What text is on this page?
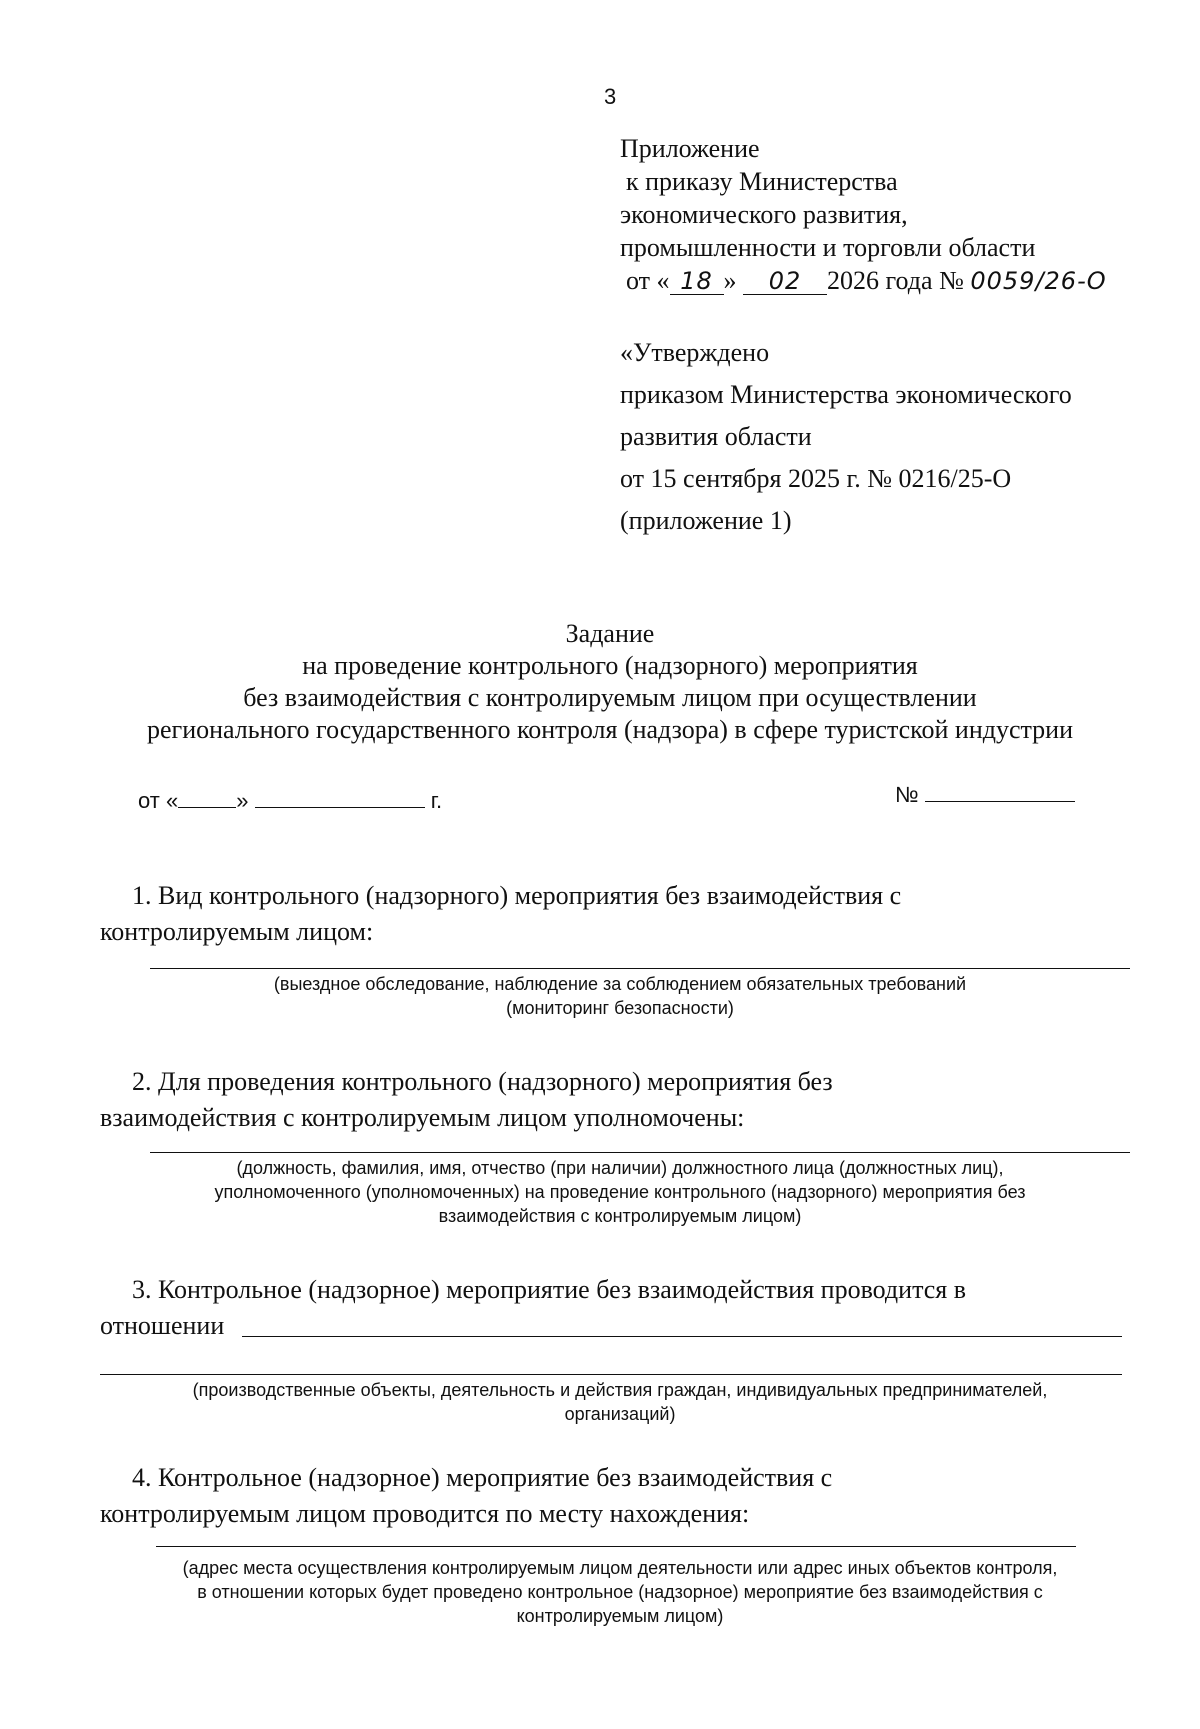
3
Приложение
к приказу Министерства
экономического развития,
промышленности и торговли области
от « 18 » 02 2026 года № 0059/26-О
«Утверждено
приказом Министерства экономического
развития области
от 15 сентября 2025 г. № 0216/25-О
(приложение 1)
Задание
на проведение контрольного (надзорного) мероприятия
без взаимодействия с контролируемым лицом при осуществлении
регионального государственного контроля (надзора) в сфере туристской индустрии
от «	»	г.	№
1. Вид контрольного (надзорного) мероприятия без взаимодействия с
контролируемым лицом:
(выездное обследование, наблюдение за соблюдением обязательных требований
(мониторинг безопасности)
2. Для проведения контрольного (надзорного) мероприятия без
взаимодействия с контролируемым лицом уполномочены:
(должность, фамилия, имя, отчество (при наличии) должностного лица (должностных лиц),
уполномоченного (уполномоченных) на проведение контрольного (надзорного) мероприятия без
взаимодействия с контролируемым лицом)
3. Контрольное (надзорное) мероприятие без взаимодействия проводится в
отношении
(производственные объекты, деятельность и действия граждан, индивидуальных предпринимателей,
организаций)
4. Контрольное (надзорное) мероприятие без взаимодействия с
контролируемым лицом проводится по месту нахождения:
(адрес места осуществления контролируемым лицом деятельности или адрес иных объектов контроля,
в отношении которых будет проведено контрольное (надзорное) мероприятие без взаимодействия с
контролируемым лицом)
